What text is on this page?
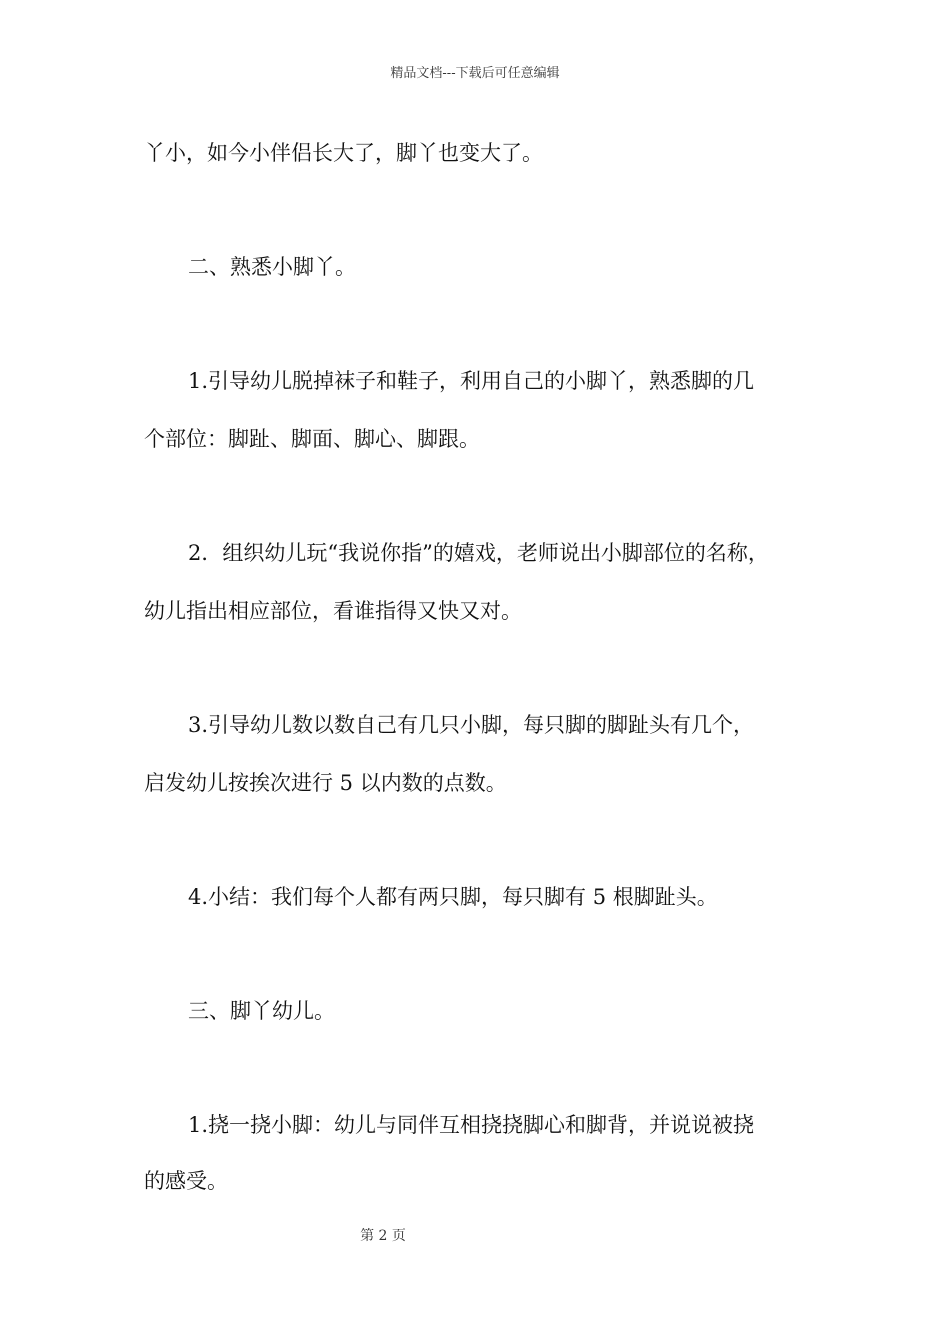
精品文档---下载后可任意编辑
丫小，如今小伴侣长大了，脚丫也变大了。
二、熟悉小脚丫。
1.引导幼儿脱掉袜子和鞋子，利用自己的小脚丫，熟悉脚的几
个部位：脚趾、脚面、脚心、脚跟。
2．组织幼儿玩“我说你指”的嬉戏，老师说出小脚部位的名称，
幼儿指出相应部位，看谁指得又快又对。
3.引导幼儿数以数自己有几只小脚，每只脚的脚趾头有几个，
启发幼儿按挨次进行 5 以内数的点数。
4.小结：我们每个人都有两只脚，每只脚有 5 根脚趾头。
三、脚丫幼儿。
1.挠一挠小脚：幼儿与同伴互相挠挠脚心和脚背，并说说被挠
的感受。
第 2 页
